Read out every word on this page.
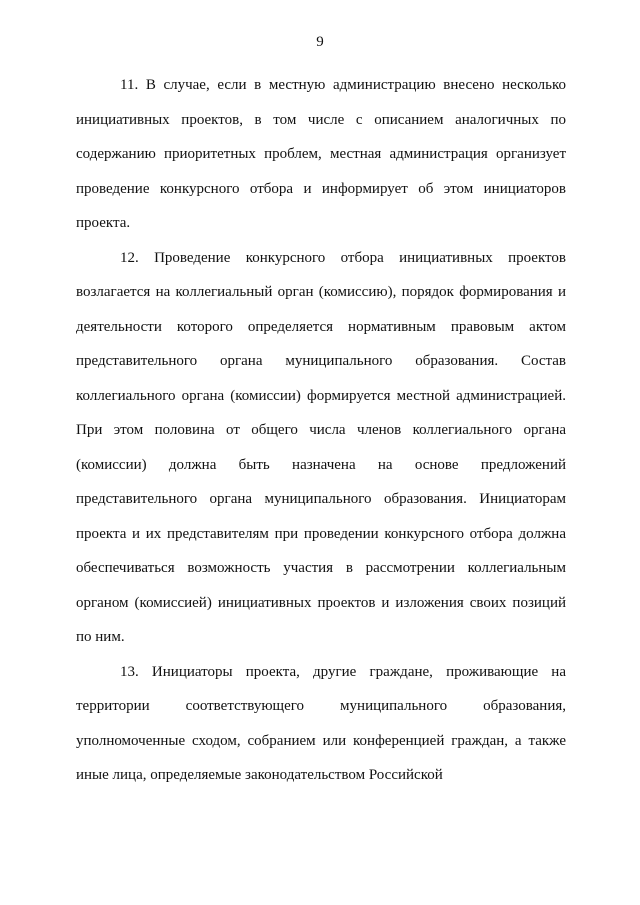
9

11. В случае, если в местную администрацию внесено несколько инициативных проектов, в том числе с описанием аналогичных по содержанию приоритетных проблем, местная администрация организует проведение конкурсного отбора и информирует об этом инициаторов проекта.

12. Проведение конкурсного отбора инициативных проектов возлагается на коллегиальный орган (комиссию), порядок формирования и деятельности которого определяется нормативным правовым актом представительного органа муниципального образования. Состав коллегиального органа (комиссии) формируется местной администрацией. При этом половина от общего числа членов коллегиального органа (комиссии) должна быть назначена на основе предложений представительного органа муниципального образования. Инициаторам проекта и их представителям при проведении конкурсного отбора должна обеспечиваться возможность участия в рассмотрении коллегиальным органом (комиссией) инициативных проектов и изложения своих позиций по ним.

13. Инициаторы проекта, другие граждане, проживающие на территории соответствующего муниципального образования, уполномоченные сходом, собранием или конференцией граждан, а также иные лица, определяемые законодательством Российской
